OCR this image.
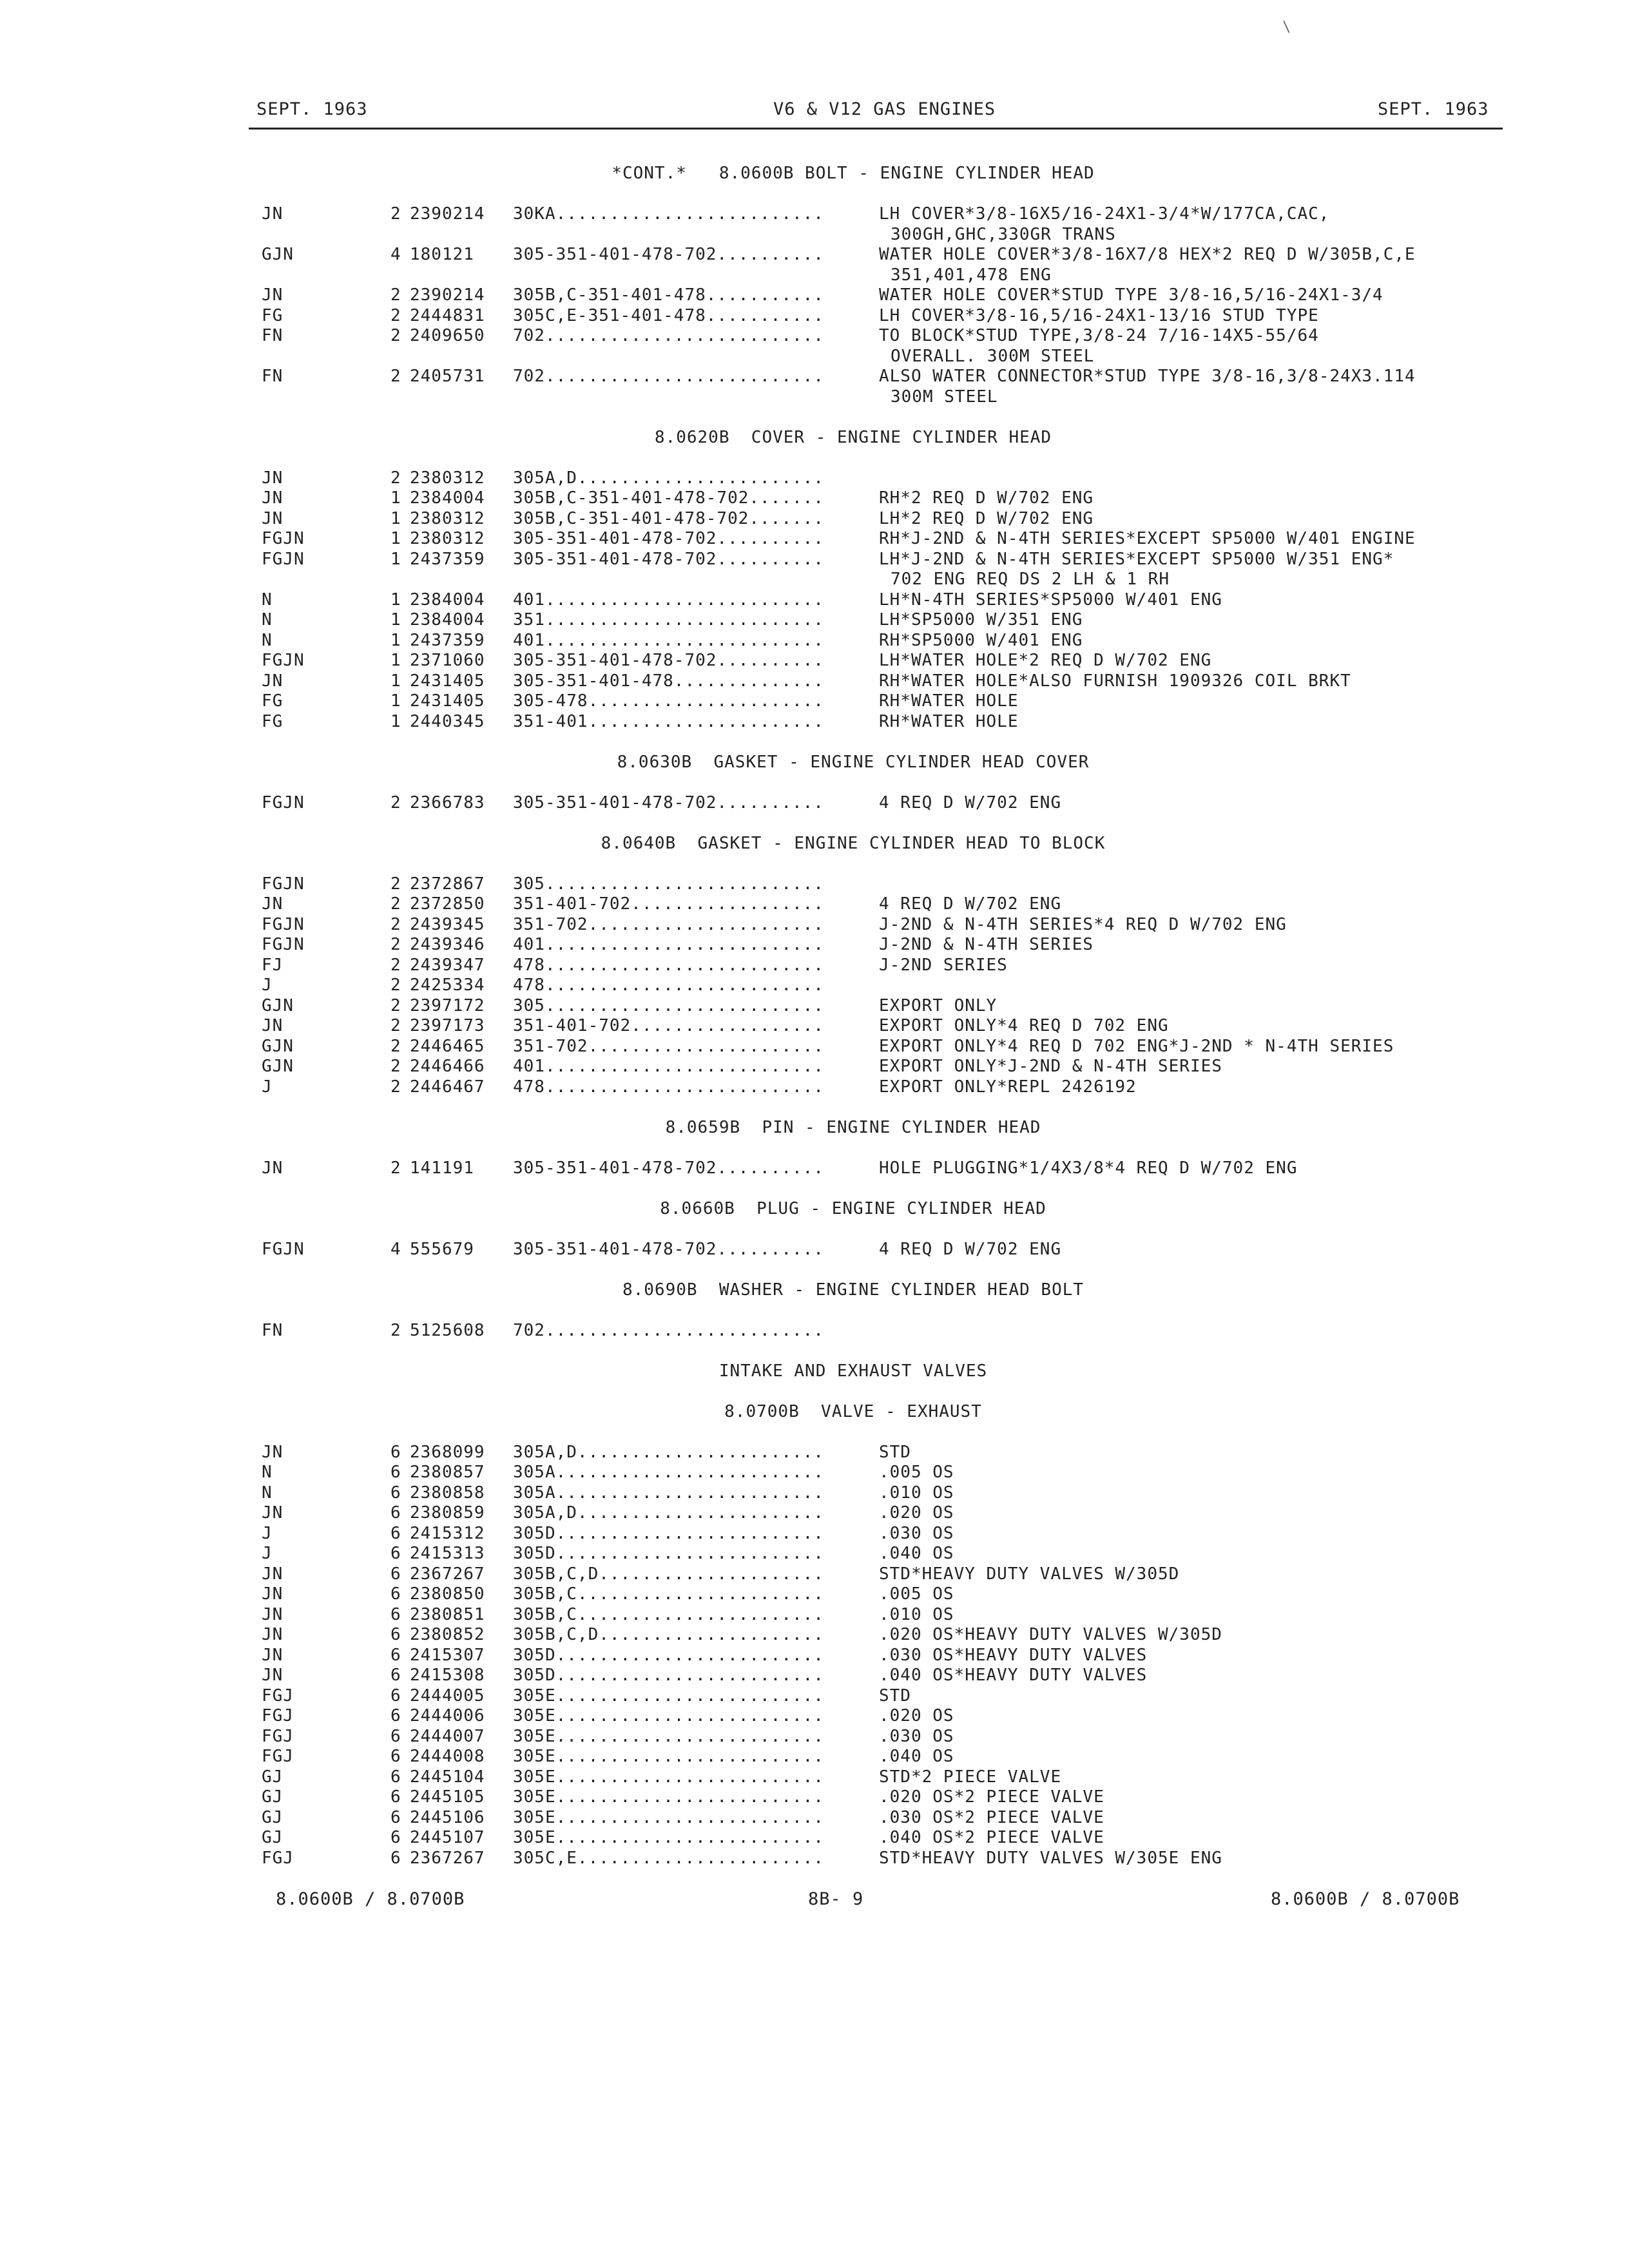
\
SEPT. 1963	V6 & V12 GAS ENGINES	SEPT. 1963
*CONT.*   8.0600B BOLT - ENGINE CYLINDER HEAD
JN	2 2390214 30KA.........................	LH COVER*3/8-16X5/16-24X1-3/4*W/177CA,CAC,
300GH,GHC,330GR TRANS
GJN	4 180121 305-351-401-478-702..........	WATER HOLE COVER*3/8-16X7/8 HEX*2 REQ D W/305B,C,E
351,401,478 ENG
JN	2 2390214 305B,C-351-401-478...........	WATER HOLE COVER*STUD TYPE 3/8-16,5/16-24X1-3/4
FG	2 2444831 305C,E-351-401-478...........	LH COVER*3/8-16,5/16-24X1-13/16 STUD TYPE
FN	2 2409650 702..........................	TO BLOCK*STUD TYPE,3/8-24 7/16-14X5-55/64
OVERALL. 300M STEEL
FN	2 2405731 702..........................	ALSO WATER CONNECTOR*STUD TYPE 3/8-16,3/8-24X3.114
300M STEEL
8.0620B  COVER - ENGINE CYLINDER HEAD
JN	2 2380312 305A,D.......................
JN	1 2384004 305B,C-351-401-478-702.......	RH*2 REQ D W/702 ENG
JN	1 2380312 305B,C-351-401-478-702.......	LH*2 REQ D W/702 ENG
FGJN	1 2380312 305-351-401-478-702..........	RH*J-2ND & N-4TH SERIES*EXCEPT SP5000 W/401 ENGINE
FGJN	1 2437359 305-351-401-478-702..........	LH*J-2ND & N-4TH SERIES*EXCEPT SP5000 W/351 ENG*
702 ENG REQ DS 2 LH & 1 RH
N	1 2384004 401..........................	LH*N-4TH SERIES*SP5000 W/401 ENG
N	1 2384004 351..........................	LH*SP5000 W/351 ENG
N	1 2437359 401..........................	RH*SP5000 W/401 ENG
FGJN	1 2371060 305-351-401-478-702..........	LH*WATER HOLE*2 REQ D W/702 ENG
JN	1 2431405 305-351-401-478..............	RH*WATER HOLE*ALSO FURNISH 1909326 COIL BRKT
FG	1 2431405 305-478......................	RH*WATER HOLE
FG	1 2440345 351-401......................	RH*WATER HOLE
8.0630B  GASKET - ENGINE CYLINDER HEAD COVER
FGJN	2 2366783 305-351-401-478-702..........	4 REQ D W/702 ENG
8.0640B  GASKET - ENGINE CYLINDER HEAD TO BLOCK
FGJN	2 2372867 305..........................
JN	2 2372850 351-401-702..................	4 REQ D W/702 ENG
FGJN	2 2439345 351-702......................	J-2ND & N-4TH SERIES*4 REQ D W/702 ENG
FGJN	2 2439346 401..........................	J-2ND & N-4TH SERIES
FJ	2 2439347 478..........................	J-2ND SERIES
J	2 2425334 478..........................
GJN	2 2397172 305..........................	EXPORT ONLY
JN	2 2397173 351-401-702..................	EXPORT ONLY*4 REQ D 702 ENG
GJN	2 2446465 351-702......................	EXPORT ONLY*4 REQ D 702 ENG*J-2ND * N-4TH SERIES
GJN	2 2446466 401..........................	EXPORT ONLY*J-2ND & N-4TH SERIES
J	2 2446467 478..........................	EXPORT ONLY*REPL 2426192
8.0659B  PIN - ENGINE CYLINDER HEAD
JN	2 141191 305-351-401-478-702..........	HOLE PLUGGING*1/4X3/8*4 REQ D W/702 ENG
8.0660B  PLUG - ENGINE CYLINDER HEAD
FGJN	4 555679 305-351-401-478-702..........	4 REQ D W/702 ENG
8.0690B  WASHER - ENGINE CYLINDER HEAD BOLT
FN	2 5125608 702..........................
INTAKE AND EXHAUST VALVES
8.0700B  VALVE - EXHAUST
JN	6 2368099 305A,D.......................	STD
N	6 2380857 305A.........................	.005 OS
N	6 2380858 305A.........................	.010 OS
JN	6 2380859 305A,D.......................	.020 OS
J	6 2415312 305D.........................	.030 OS
J	6 2415313 305D.........................	.040 OS
JN	6 2367267 305B,C,D.....................	STD*HEAVY DUTY VALVES W/305D
JN	6 2380850 305B,C.......................	.005 OS
JN	6 2380851 305B,C.......................	.010 OS
JN	6 2380852 305B,C,D.....................	.020 OS*HEAVY DUTY VALVES W/305D
JN	6 2415307 305D.........................	.030 OS*HEAVY DUTY VALVES
JN	6 2415308 305D.........................	.040 OS*HEAVY DUTY VALVES
FGJ	6 2444005 305E.........................	STD
FGJ	6 2444006 305E.........................	.020 OS
FGJ	6 2444007 305E.........................	.030 OS
FGJ	6 2444008 305E.........................	.040 OS
GJ	6 2445104 305E.........................	STD*2 PIECE VALVE
GJ	6 2445105 305E.........................	.020 OS*2 PIECE VALVE
GJ	6 2445106 305E.........................	.030 OS*2 PIECE VALVE
GJ	6 2445107 305E.........................	.040 OS*2 PIECE VALVE
FGJ	6 2367267 305C,E.......................	STD*HEAVY DUTY VALVES W/305E ENG
8.0600B / 8.0700B	8B- 9	8.0600B / 8.0700B
